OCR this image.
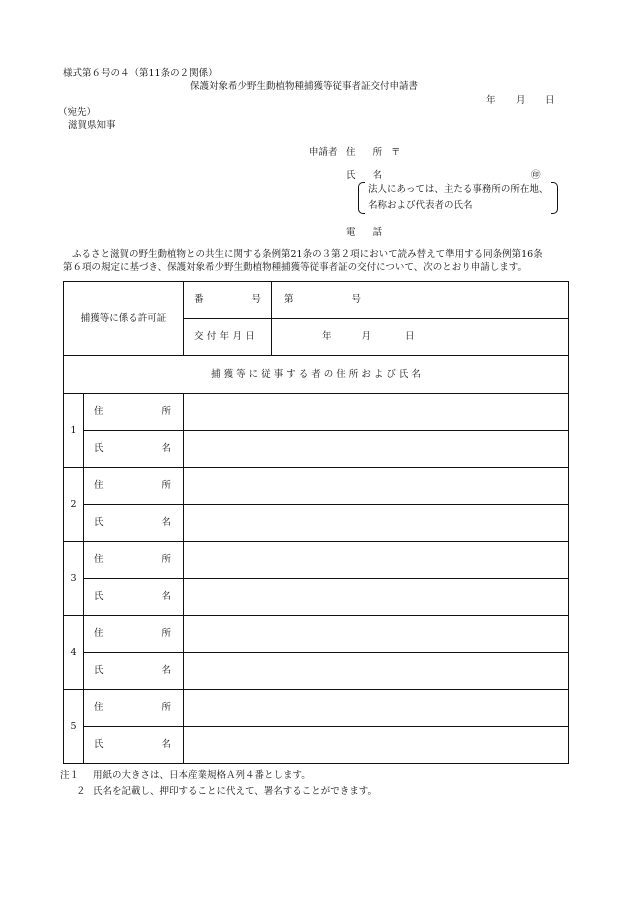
様式第６号の４（第11条の２関係）
保護対象希少野生動植物種捕獲等従事者証交付申請書
年 月 日
（宛先）
滋賀県知事
申請者 住　所 〒
氏　名	㊞
法人にあっては、主たる事務所の所在地、
名称および代表者の氏名
電　話
ふるさと滋賀の野生動植物との共生に関する条例第21条の３第２項において読み替えて準用する同条例第16条
第６項の規定に基づき、保護対象希少野生動植物種捕獲等従事者証の交付について、次のとおり申請します。
捕獲等に係る許可証		番 号	第 号

		交付年月日	年 月 日

捕 獲 等 に 従 事 す る 者 の 住 所 お よ び 氏 名			
1	住 所		

	氏 名		

2	住 所		

	氏 名		

3	住 所		

	氏 名		

4	住 所		

	氏 名		

5	住 所		

	氏 名		

注１ 用紙の大きさは、日本産業規格Ａ列４番とします。
２ 氏名を記載し、押印することに代えて、署名することができます。
